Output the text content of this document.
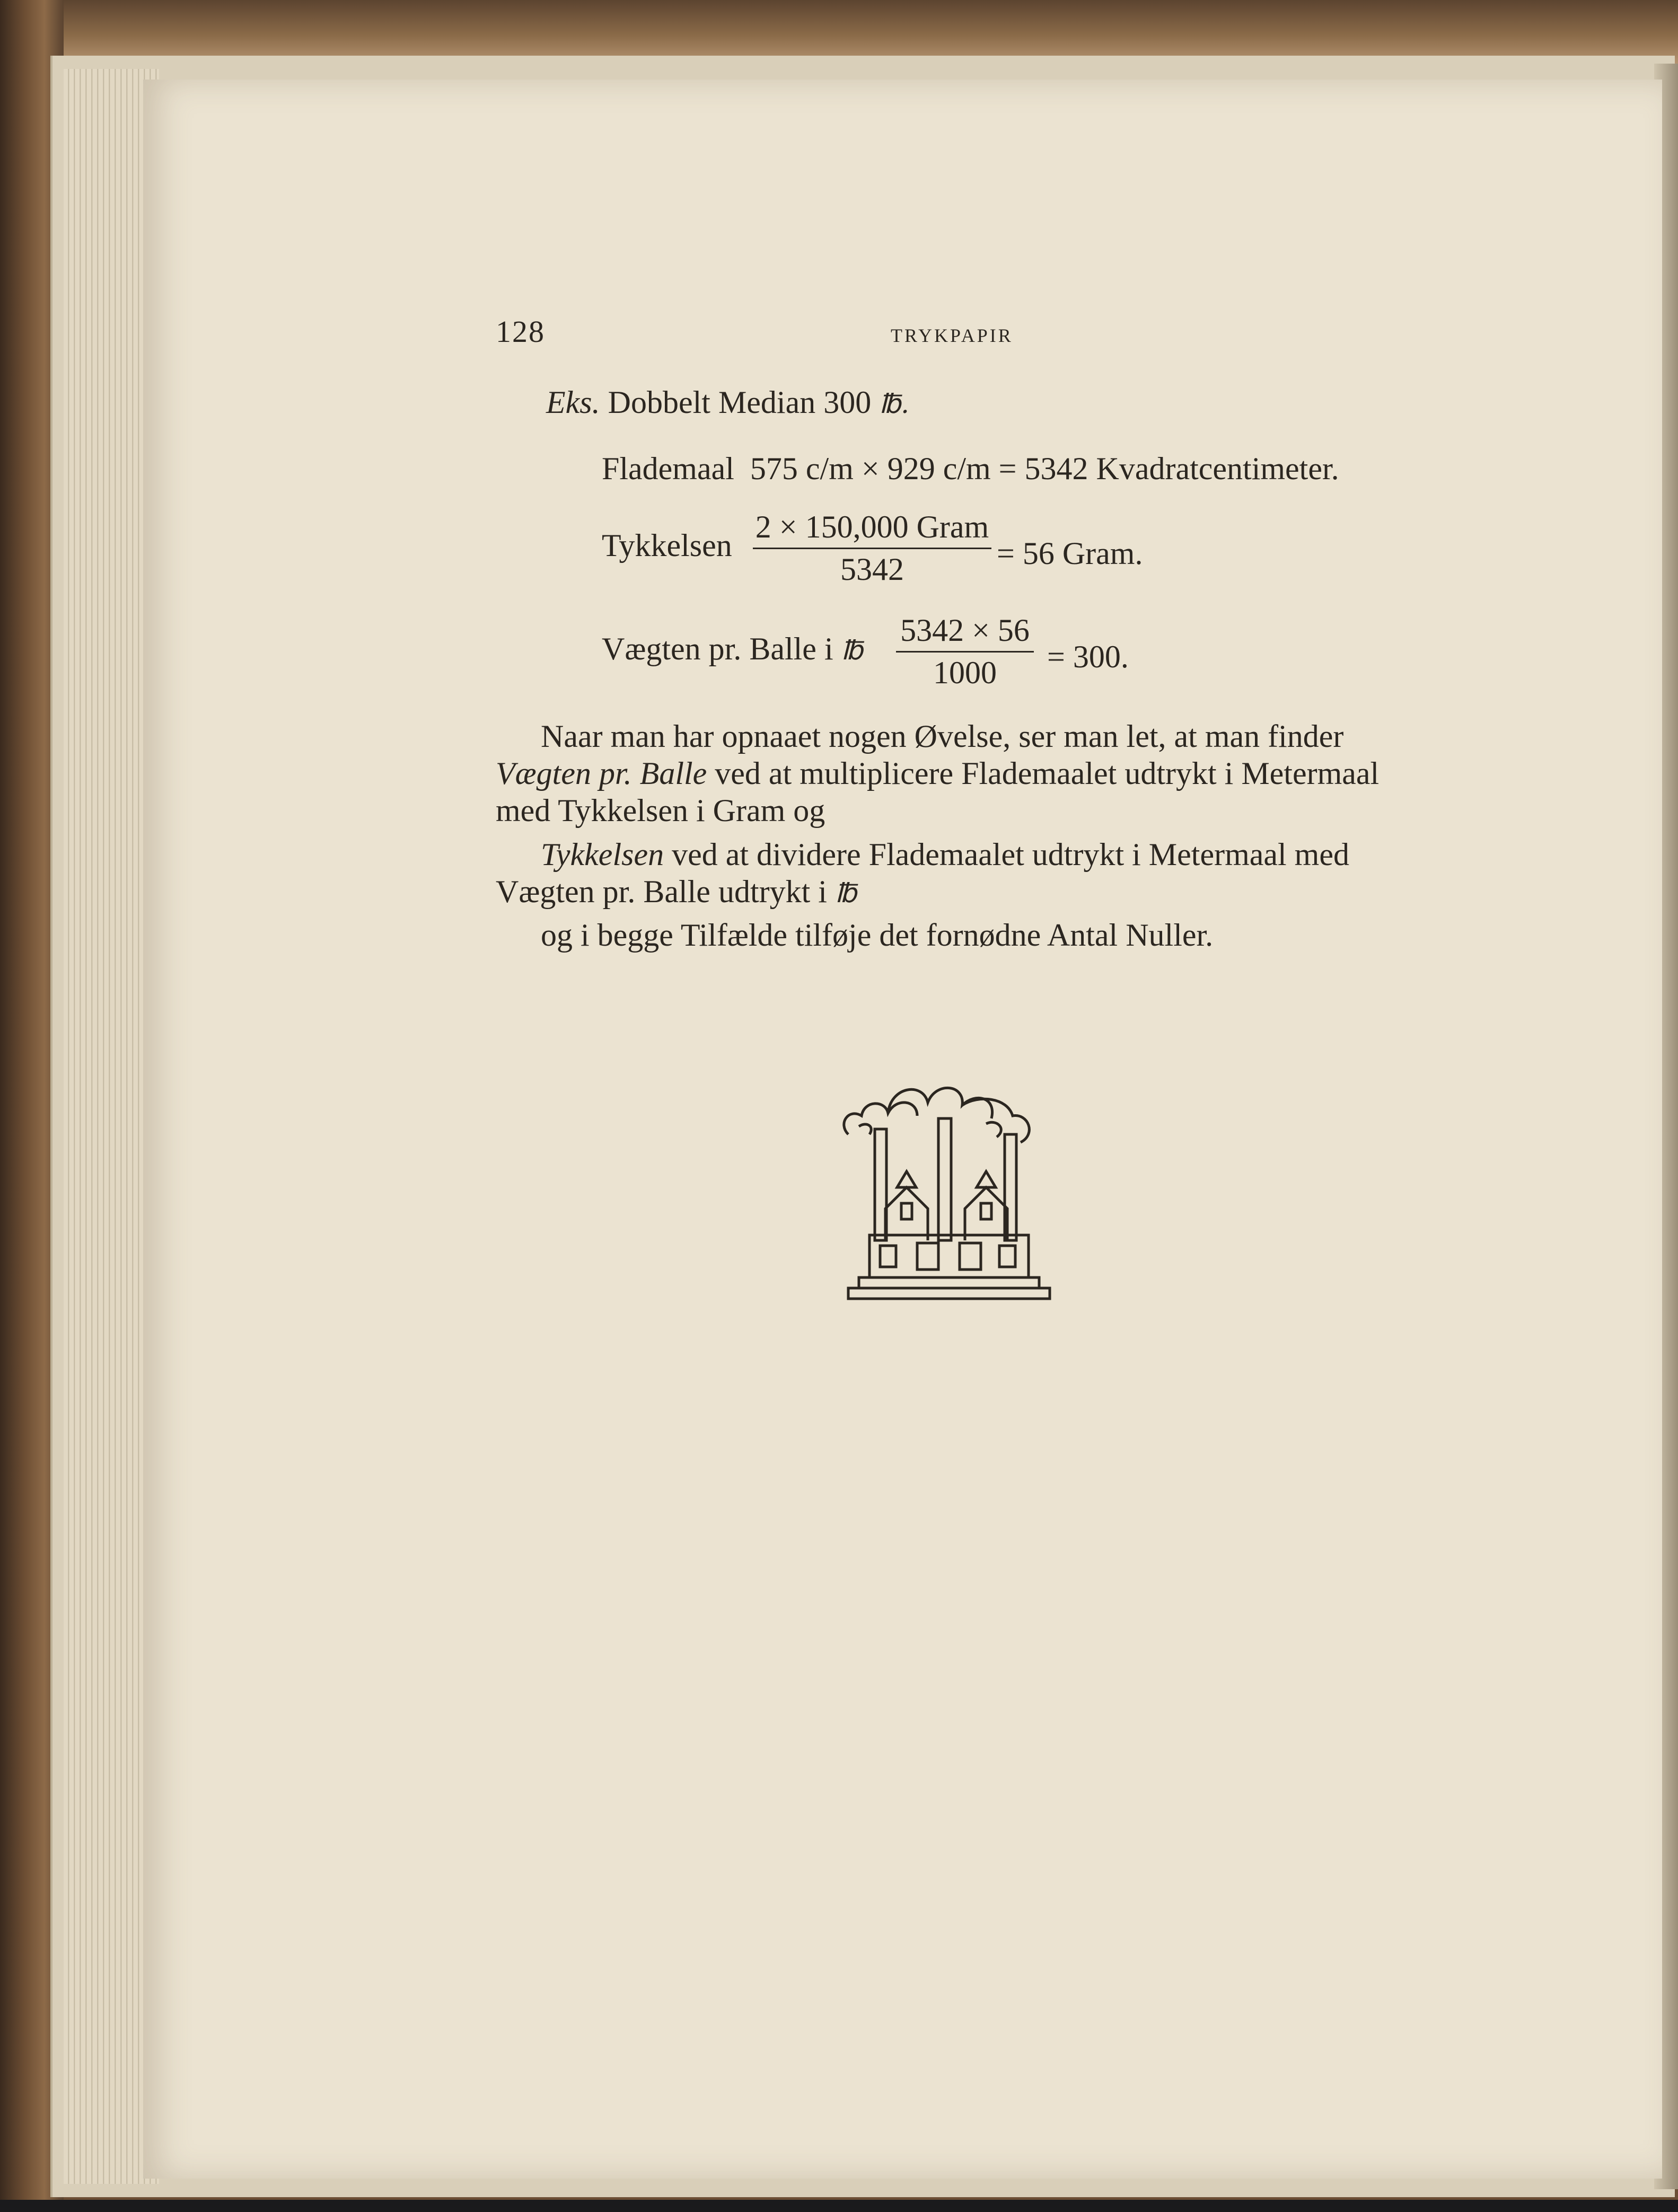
128	TRYKPAPIR
Eks. Dobbelt Median 300 ℔.
Flademaal 575 c/m × 929 c/m = 5342 Kvadratcentimeter.
Tykkelsen
2 × 150,000 Gram
5342	= 56 Gram.
Vægten pr. Balle i ℔
5342 × 56
1000	= 300.
Naar man har opnaaet nogen Øvelse, ser man let, at man finder
Vægten pr. Balle ved at multiplicere Flademaalet udtrykt i Metermaal
med Tykkelsen i Gram og
Tykkelsen ved at dividere Flademaalet udtrykt i Metermaal med
Vægten pr. Balle udtrykt i ℔
og i begge Tilfælde tilføje det fornødne Antal Nuller.
